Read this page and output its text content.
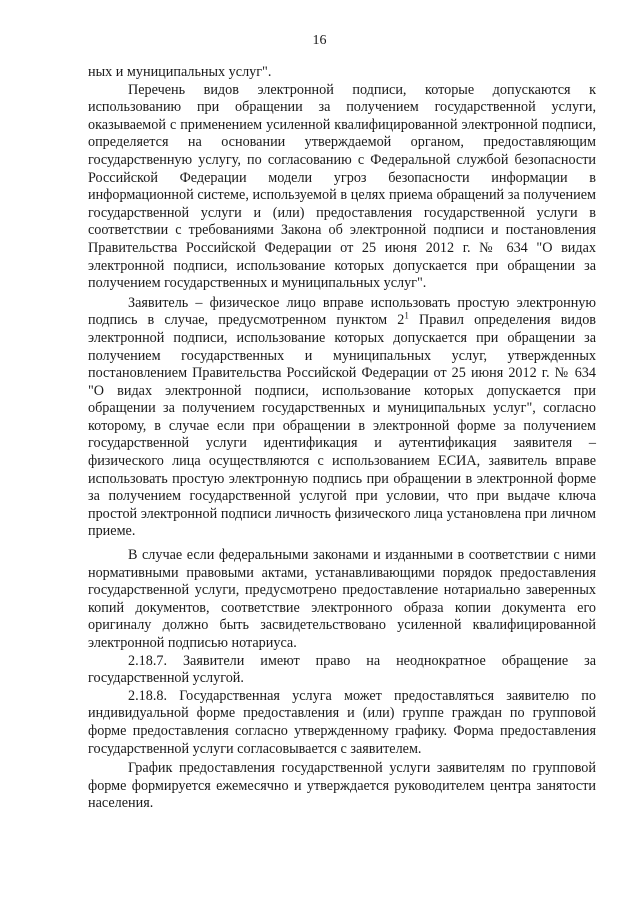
16

ных и муниципальных услуг".

Перечень видов электронной подписи, которые допускаются к использованию при обращении за получением государственной услуги, оказываемой с применением усиленной квалифицированной электронной подписи, определяется на основании утверждаемой органом, предоставляющим государственную услугу, по согласованию с Федеральной службой безопасности Российской Федерации модели угроз безопасности информации в информационной системе, используемой в целях приема обращений за получением государственной услуги и (или) предоставления государственной услуги в соответствии с требованиями Закона об электронной подписи и постановления Правительства Российской Федерации от 25 июня 2012 г. № 634 "О видах электронной подписи, использование которых допускается при обращении за получением государственных и муниципальных услуг".

Заявитель – физическое лицо вправе использовать простую электронную подпись в случае, предусмотренном пунктом $2^1$ Правил определения видов электронной подписи, использование которых допускается при обращении за получением государственных и муниципальных услуг, утвержденных постановлением Правительства Российской Федерации от 25 июня 2012 г. № 634 "О видах электронной подписи, использование которых допускается при обращении за получением государственных и муниципальных услуг", согласно которому, в случае если при обращении в электронной форме за получением государственной услуги идентификация и аутентификация заявителя – физического лица осуществляются с использованием ЕСИА, заявитель вправе использовать простую электронную подпись при обращении в электронной форме за получением государственной услугой при условии, что при выдаче ключа простой электронной подписи личность физического лица установлена при личном приеме.

В случае если федеральными законами и изданными в соответствии с ними нормативными правовыми актами, устанавливающими порядок предоставления государственной услуги, предусмотрено предоставление нотариально заверенных копий документов, соответствие электронного образа копии документа его оригиналу должно быть засвидетельствовано усиленной квалифицированной электронной подписью нотариуса.

2.18.7. Заявители имеют право на неоднократное обращение за государственной услугой.

2.18.8. Государственная услуга может предоставляться заявителю по индивидуальной форме предоставления и (или) группе граждан по групповой форме предоставления согласно утвержденному графику. Форма предоставления государственной услуги согласовывается с заявителем.

График предоставления государственной услуги заявителям по групповой форме формируется ежемесячно и утверждается руководителем центра занятости населения.
